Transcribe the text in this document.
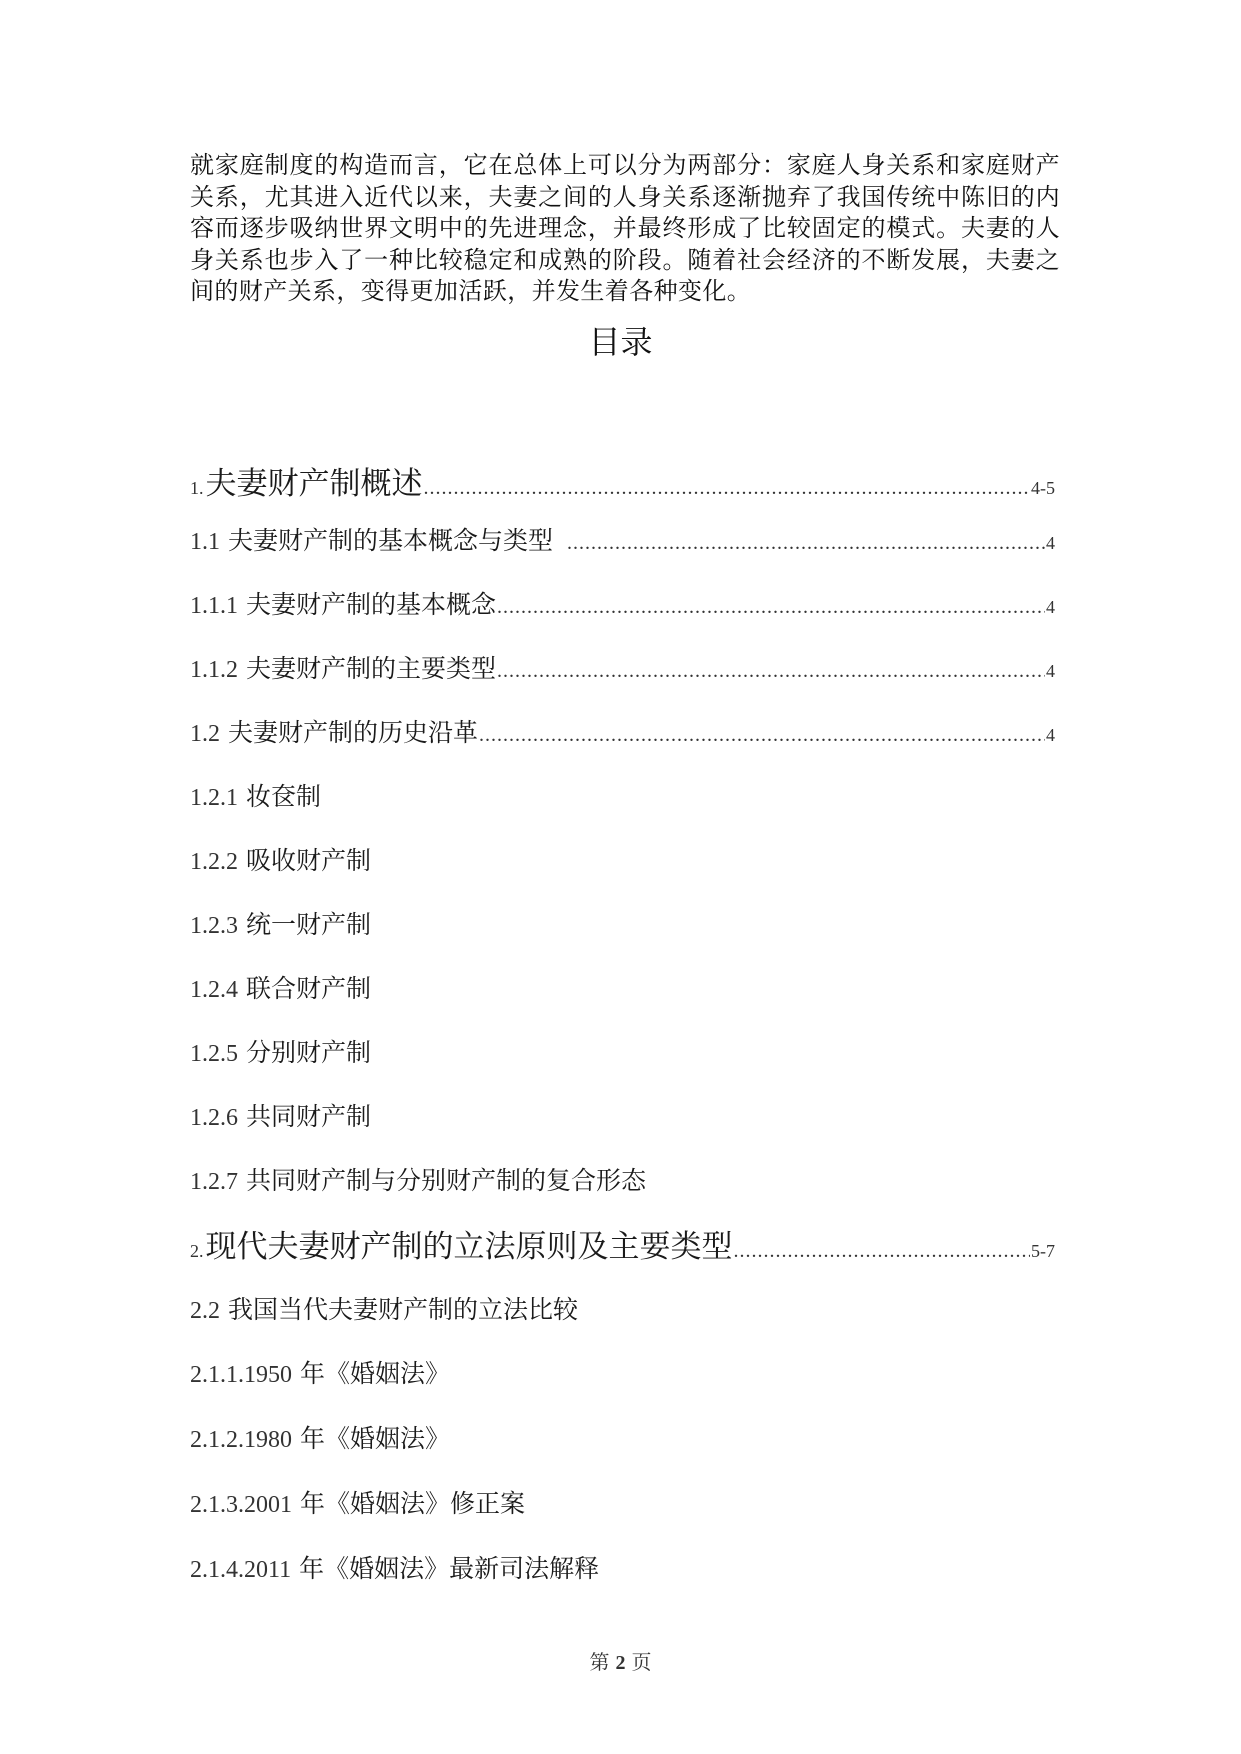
就家庭制度的构造而言，它在总体上可以分为两部分：家庭人身关系和家庭财产关系，尤其进入近代以来，夫妻之间的人身关系逐渐抛弃了我国传统中陈旧的内容而逐步吸纳世界文明中的先进理念，并最终形成了比较固定的模式。夫妻的人身关系也步入了一种比较稳定和成熟的阶段。随着社会经济的不断发展，夫妻之间的财产关系，变得更加活跃，并发生着各种变化。

目录
1. 夫妻财产制概述 .....	4-5
1.1 夫妻财产制的基本概念与类型 .....	4
1.1.1 夫妻财产制的基本概念 .....	4
1.1.2 夫妻财产制的主要类型 .....	4
1.2 夫妻财产制的历史沿革 .....	4
1.2.1 妆奁制
1.2.2 吸收财产制
1.2.3 统一财产制
1.2.4 联合财产制
1.2.5 分别财产制
1.2.6 共同财产制
1.2.7 共同财产制与分别财产制的复合形态
2. 现代夫妻财产制的立法原则及主要类型 .....	5-7
2.2 我国当代夫妻财产制的立法比较
2.1.1.1950 年《婚姻法》
2.1.2.1980 年《婚姻法》
2.1.3.2001 年《婚姻法》修正案
2.1.4.2011 年《婚姻法》最新司法解释
第 2 页
